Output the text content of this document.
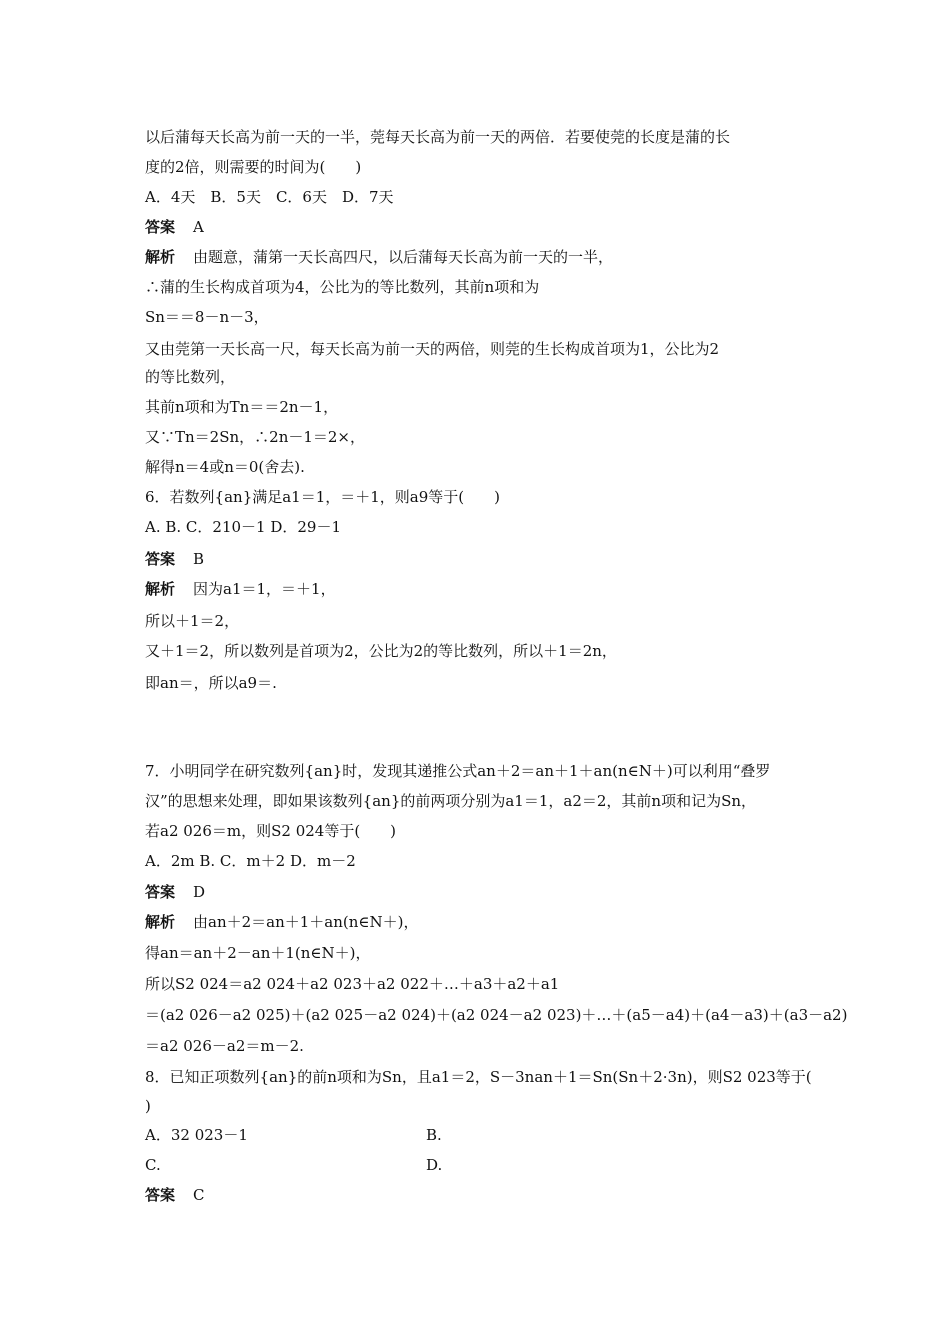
以后蒲每天长高为前一天的一半，莞每天长高为前一天的两倍．若要使莞的长度是蒲的长
度的2倍，则需要的时间为(　　)
A．4天　B．5天　C．6天　D．7天
答案 A
解析 由题意，蒲第一天长高四尺，以后蒲每天长高为前一天的一半，
∴蒲的生长构成首项为4，公比为的等比数列，其前n项和为
Sn＝＝8－n－3，
又由莞第一天长高一尺，每天长高为前一天的两倍，则莞的生长构成首项为1，公比为2
的等比数列，
其前n项和为Tn＝＝2n－1，
又∵Tn＝2Sn，∴2n－1＝2×，
解得n＝4或n＝0(舍去).
6．若数列{an}满足a1＝1，＝＋1，则a9等于(　　)
A. B. C．210－1 D．29－1
答案 B
解析 因为a1＝1，＝＋1，
所以＋1＝2，
又＋1＝2，所以数列是首项为2，公比为2的等比数列，所以＋1＝2n，
即an＝，所以a9＝.
7．小明同学在研究数列{an}时，发现其递推公式an＋2＝an＋1＋an(n∈N＋)可以利用“叠罗
汉”的思想来处理，即如果该数列{an}的前两项分别为a1＝1，a2＝2，其前n项和记为Sn，
若a2 026＝m，则S2 024等于(　　)
A．2m B. C．m＋2 D．m－2
答案 D
解析 由an＋2＝an＋1＋an(n∈N＋)，
得an＝an＋2－an＋1(n∈N＋)，
所以S2 024＝a2 024＋a2 023＋a2 022＋…＋a3＋a2＋a1
＝(a2 026－a2 025)＋(a2 025－a2 024)＋(a2 024－a2 023)＋…＋(a5－a4)＋(a4－a3)＋(a3－a2)
＝a2 026－a2＝m－2.
8．已知正项数列{an}的前n项和为Sn，且a1＝2，S－3nan＋1＝Sn(Sn＋2·3n)，则S2 023等于(
)
A．32 023－1	B.
C.	D.
答案 C
